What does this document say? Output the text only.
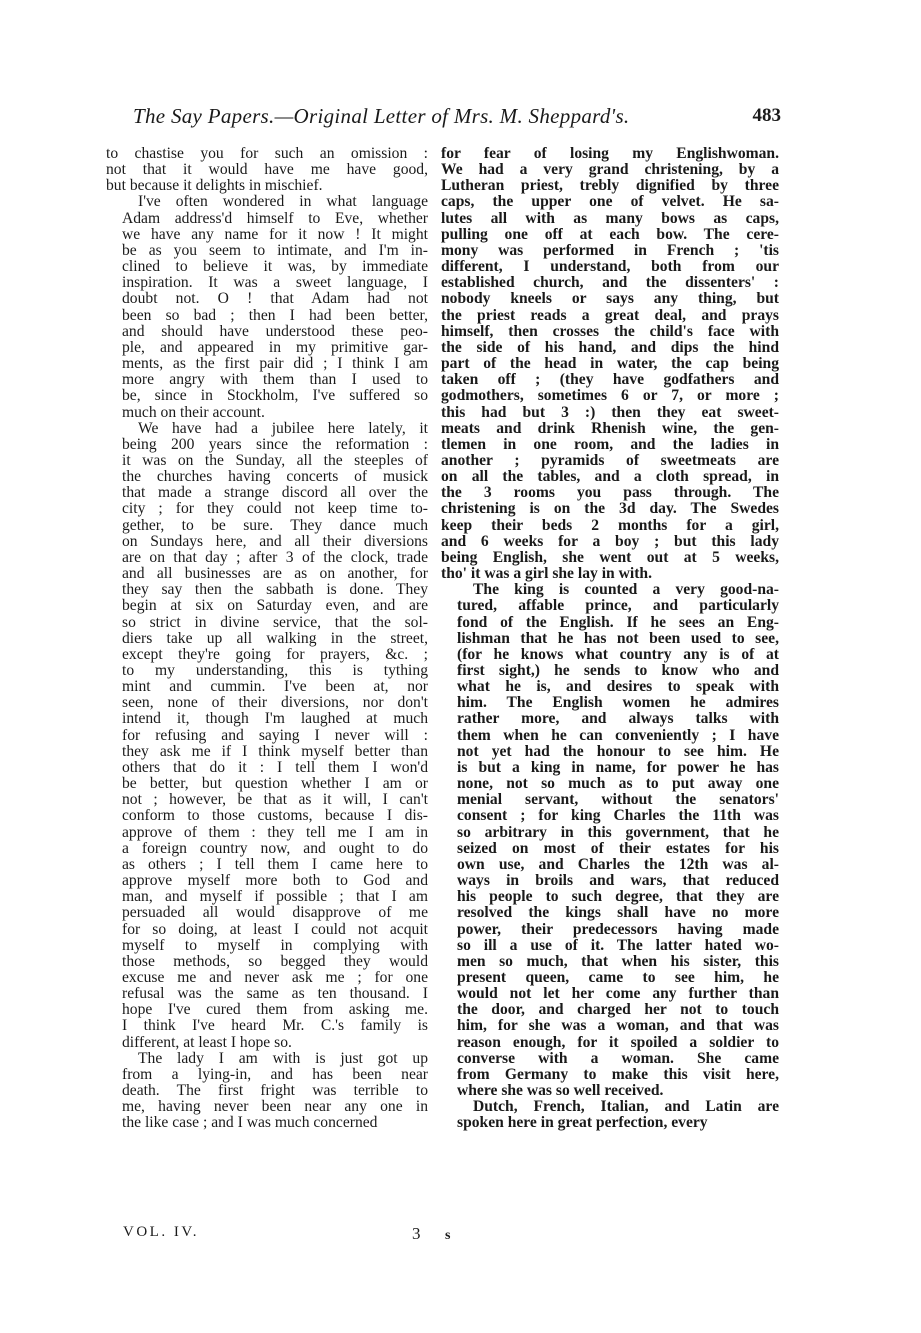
The Say Papers.—Original Letter of Mrs. M. Sheppard's.	483
to chastise you for such an omission :
not that it would have me have good,
but because it delights in mischief.
I've often wondered in what language
Adam address'd himself to Eve, whether
we have any name for it now ! It might
be as you seem to intimate, and I'm in-
clined to believe it was, by immediate
inspiration. It was a sweet language, I
doubt not. O ! that Adam had not
been so bad ; then I had been better,
and should have understood these peo-
ple, and appeared in my primitive gar-
ments, as the first pair did ; I think I am
more angry with them than I used to
be, since in Stockholm, I've suffered so
much on their account.
We have had a jubilee here lately, it
being 200 years since the reformation :
it was on the Sunday, all the steeples of
the churches having concerts of musick
that made a strange discord all over the
city ; for they could not keep time to-
gether, to be sure. They dance much
on Sundays here, and all their diversions
are on that day ; after 3 of the clock, trade
and all businesses are as on another, for
they say then the sabbath is done. They
begin at six on Saturday even, and are
so strict in divine service, that the sol-
diers take up all walking in the street,
except they're going for prayers, &c. ;
to my understanding, this is tything
mint and cummin. I've been at, nor
seen, none of their diversions, nor don't
intend it, though I'm laughed at much
for refusing and saying I never will :
they ask me if I think myself better than
others that do it : I tell them I won'd
be better, but question whether I am or
not ; however, be that as it will, I can't
conform to those customs, because I dis-
approve of them : they tell me I am in
a foreign country now, and ought to do
as others ; I tell them I came here to
approve myself more both to God and
man, and myself if possible ; that I am
persuaded all would disapprove of me
for so doing, at least I could not acquit
myself to myself in complying with
those methods, so begged they would
excuse me and never ask me ; for one
refusal was the same as ten thousand. I
hope I've cured them from asking me.
I think I've heard Mr. C.'s family is
different, at least I hope so.
The lady I am with is just got up
from a lying-in, and has been near
death. The first fright was terrible to
me, having never been near any one in
the like case ; and I was much concerned
for fear of losing my Englishwoman.
We had a very grand christening, by a
Lutheran priest, trebly dignified by three
caps, the upper one of velvet. He sa-
lutes all with as many bows as caps,
pulling one off at each bow. The cere-
mony was performed in French ; 'tis
different, I understand, both from our
established church, and the dissenters' :
nobody kneels or says any thing, but
the priest reads a great deal, and prays
himself, then crosses the child's face with
the side of his hand, and dips the hind
part of the head in water, the cap being
taken off ; (they have godfathers and
godmothers, sometimes 6 or 7, or more ;
this had but 3 :) then they eat sweet-
meats and drink Rhenish wine, the gen-
tlemen in one room, and the ladies in
another ; pyramids of sweetmeats are
on all the tables, and a cloth spread, in
the 3 rooms you pass through. The
christening is on the 3d day. The Swedes
keep their beds 2 months for a girl,
and 6 weeks for a boy ; but this lady
being English, she went out at 5 weeks,
tho' it was a girl she lay in with.
The king is counted a very good-na-
tured, affable prince, and particularly
fond of the English. If he sees an Eng-
lishman that he has not been used to see,
(for he knows what country any is of at
first sight,) he sends to know who and
what he is, and desires to speak with
him. The English women he admires
rather more, and always talks with
them when he can conveniently ; I have
not yet had the honour to see him. He
is but a king in name, for power he has
none, not so much as to put away one
menial servant, without the senators'
consent ; for king Charles the 11th was
so arbitrary in this government, that he
seized on most of their estates for his
own use, and Charles the 12th was al-
ways in broils and wars, that reduced
his people to such degree, that they are
resolved the kings shall have no more
power, their predecessors having made
so ill a use of it. The latter hated wo-
men so much, that when his sister, this
present queen, came to see him, he
would not let her come any further than
the door, and charged her not to touch
him, for she was a woman, and that was
reason enough, for it spoiled a soldier to
converse with a woman. She came
from Germany to make this visit here,
where she was so well received.
Dutch, French, Italian, and Latin are
spoken here in great perfection, every
VOL. IV.	3 s
